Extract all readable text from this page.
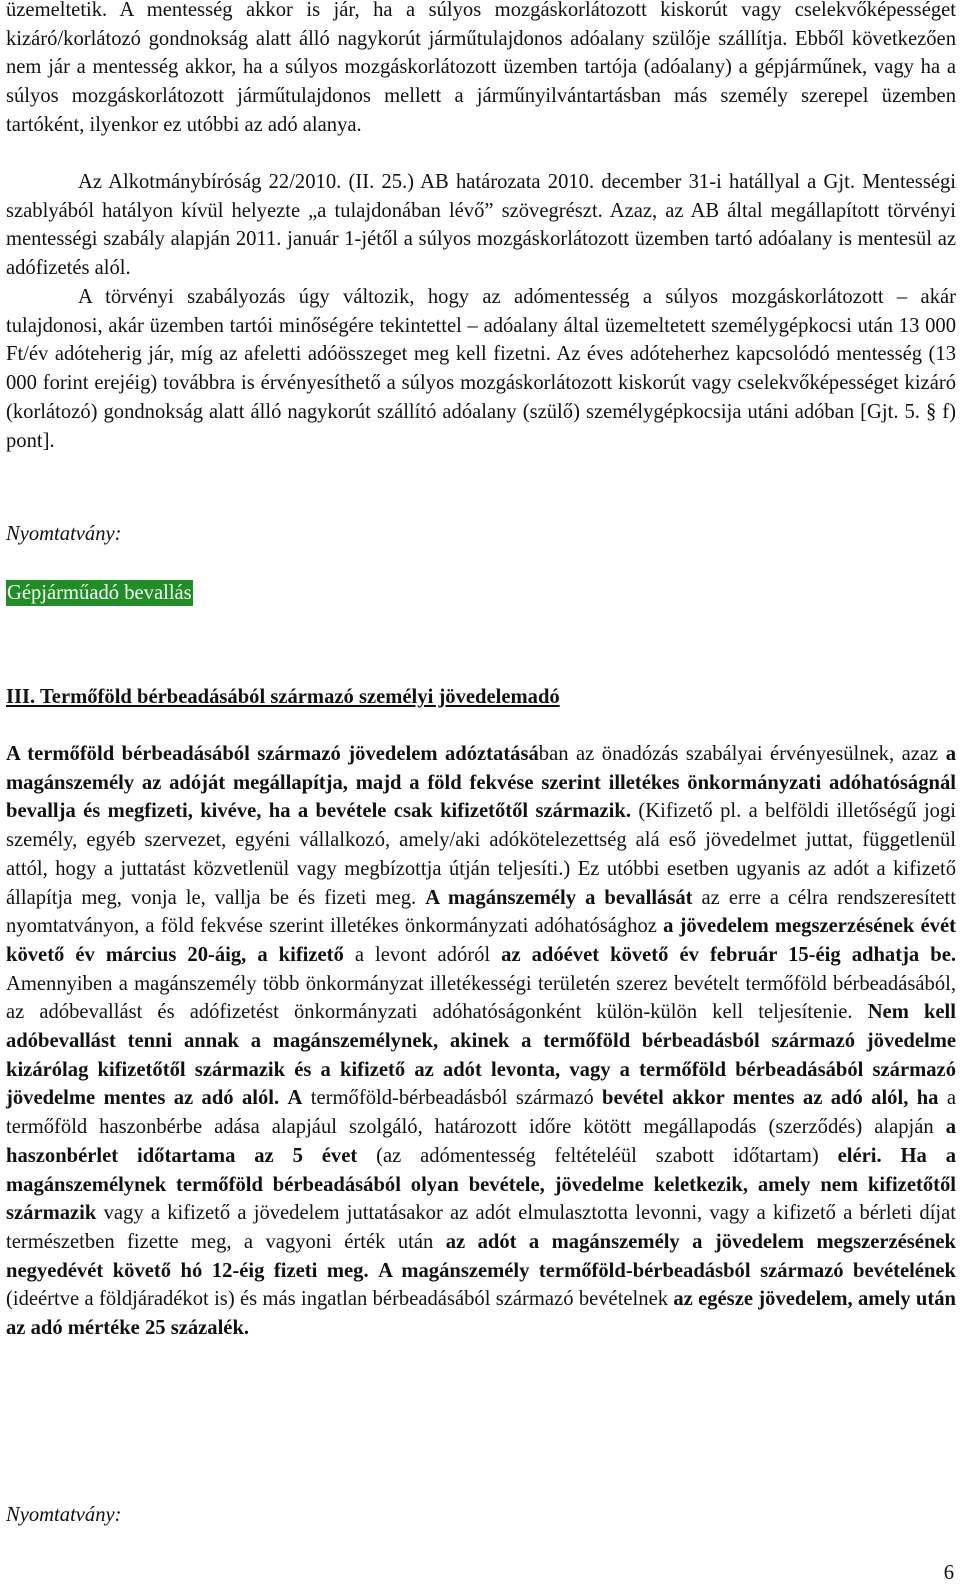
üzemeltetik. A mentesség akkor is jár, ha a súlyos mozgáskorlátozott kiskorút vagy cselekvőképességet kizáró/korlátozó gondnokság alatt álló nagykorút járműtulajdonos adóalany szülője szállítja. Ebből következően nem jár a mentesség akkor, ha a súlyos mozgáskorlátozott üzemben tartója (adóalany) a gépjárműnek, vagy ha a súlyos mozgáskorlátozott járműtulajdonos mellett a járműnyilvántartásban más személy szerepel üzemben tartóként, ilyenkor ez utóbbi az adó alanya.

Az Alkotmánybíróság 22/2010. (II. 25.) AB határozata 2010. december 31-i hatállyal a Gjt. Mentességi szablyából hatályon kívül helyezte „a tulajdonában lévő” szövegrészt. Azaz, az AB által megállapított törvényi mentességi szabály alapján 2011. január 1-jétől a súlyos mozgáskorlátozott üzemben tartó adóalany is mentesül az adófizetés alól.

A törvényi szabályozás úgy változik, hogy az adómentesség a súlyos mozgáskorlátozott – akár tulajdonosi, akár üzemben tartói minőségére tekintettel – adóalany által üzemeltetett személygépkocsi után 13 000 Ft/év adóteherig jár, míg az afeletti adóösszeget meg kell fizetni. Az éves adóteherhez kapcsolódó mentesség (13 000 forint erejéig) továbbra is érvényesíthető a súlyos mozgáskorlátozott kiskorút vagy cselekvőképességet kizáró (korlátozó) gondnokság alatt álló nagykorút szállító adóalany (szülő) személygépkocsija utáni adóban [Gjt. 5. § f) pont].

Nyomtatvány:
Gépjárműadó bevallás
III. Termőföld bérbeadásából származó személyi jövedelemadó

A termőföld bérbeadásából származó jövedelem adóztatásában az önadózás szabályai érvényesülnek, azaz a magánszemély az adóját megállapítja, majd a föld fekvése szerint illetékes önkormányzati adóhatóságnál bevallja és megfizeti, kivéve, ha a bevétele csak kifizetőtől származik. (Kifizető pl. a belföldi illetőségű jogi személy, egyéb szervezet, egyéni vállalkozó, amely/aki adókötelezettség alá eső jövedelmet juttat, függetlenül attól, hogy a juttatást közvetlenül vagy megbízottja útján teljesíti.) Ez utóbbi esetben ugyanis az adót a kifizető állapítja meg, vonja le, vallja be és fizeti meg. A magánszemély a bevallását az erre a célra rendszeresített nyomtatványon, a föld fekvése szerint illetékes önkormányzati adóhatósághoz a jövedelem megszerzésének évét követő év március 20-áig, a kifizető a levont adóról az adóévet követő év február 15-éig adhatja be. Amennyiben a magánszemély több önkormányzat illetékességi területén szerez bevételt termőföld bérbeadásából, az adóbevallást és adófizetést önkormányzati adóhatóságonként külön-külön kell teljesítenie. Nem kell adóbevallást tenni annak a magánszemélynek, akinek a termőföld bérbeadásból származó jövedelme kizárólag kifizetőtől származik és a kifizető az adót levonta, vagy a termőföld bérbeadásából származó jövedelme mentes az adó alól. A termőföld-bérbeadásból származó bevétel akkor mentes az adó alól, ha a termőföld haszonbérbe adása alapjául szolgáló, határozott időre kötött megállapodás (szerződés) alapján a haszonbérlet időtartama az 5 évet (az adómentesség feltételéül szabott időtartam) eléri. Ha a magánszemélynek termőföld bérbeadásából olyan bevétele, jövedelme keletkezik, amely nem kifizetőtől származik vagy a kifizető a jövedelem juttatásakor az adót elmulasztotta levonni, vagy a kifizető a bérleti díjat természetben fizette meg, a vagyoni érték után az adót a magánszemély a jövedelem megszerzésének negyedévét követő hó 12-éig fizeti meg. A magánszemély termőföld-bérbeadásból származó bevételének (ideértve a földjáradékot is) és más ingatlan bérbeadásából származó bevételnek az egésze jövedelem, amely után az adó mértéke 25 százalék.

Nyomtatvány:
6
